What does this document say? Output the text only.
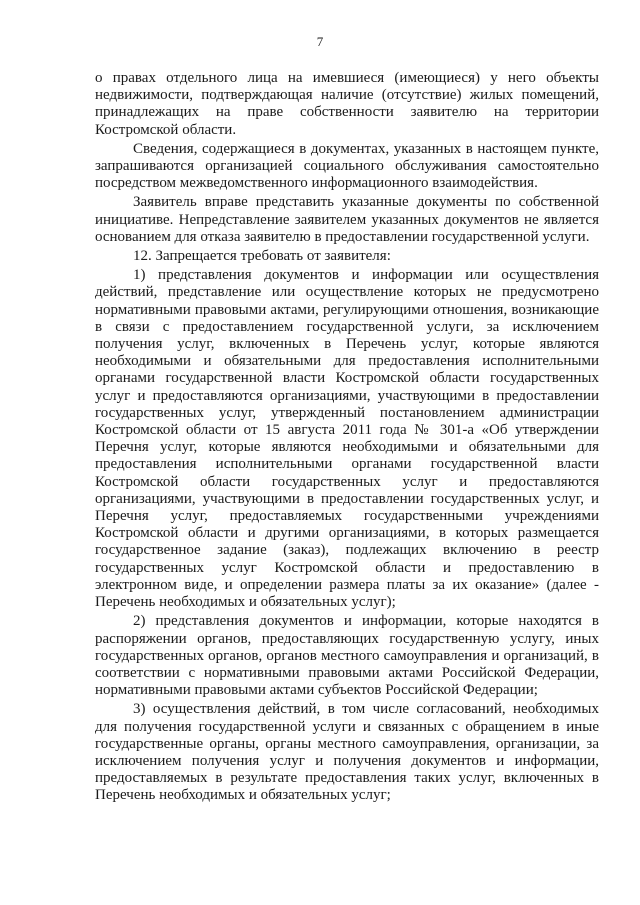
7

о правах отдельного лица на имевшиеся (имеющиеся) у него объекты недвижимости, подтверждающая наличие (отсутствие) жилых помещений, принадлежащих на праве собственности заявителю на территории Костромской области.

Сведения, содержащиеся в документах, указанных в настоящем пункте, запрашиваются организацией социального обслуживания самостоятельно посредством межведомственного информационного взаимодействия.

Заявитель вправе представить указанные документы по собственной инициативе. Непредставление заявителем указанных документов не является основанием для отказа заявителю в предоставлении государственной услуги.

12. Запрещается требовать от заявителя:

1) представления документов и информации или осуществления действий, представление или осуществление которых не предусмотрено нормативными правовыми актами, регулирующими отношения, возникающие в связи с предоставлением государственной услуги, за исключением получения услуг, включенных в Перечень услуг, которые являются необходимыми и обязательными для предоставления исполнительными органами государственной власти Костромской области государственных услуг и предоставляются организациями, участвующими в предоставлении государственных услуг, утвержденный постановлением администрации Костромской области от 15 августа 2011 года № 301-а «Об утверждении Перечня услуг, которые являются необходимыми и обязательными для предоставления исполнительными органами государственной власти Костромской области государственных услуг и предоставляются организациями, участвующими в предоставлении государственных услуг, и Перечня услуг, предоставляемых государственными учреждениями Костромской области и другими организациями, в которых размещается государственное задание (заказ), подлежащих включению в реестр государственных услуг Костромской области и предоставлению в электронном виде, и определении размера платы за их оказание» (далее - Перечень необходимых и обязательных услуг);

2) представления документов и информации, которые находятся в распоряжении органов, предоставляющих государственную услугу, иных государственных органов, органов местного самоуправления и организаций, в соответствии с нормативными правовыми актами Российской Федерации, нормативными правовыми актами субъектов Российской Федерации;

3) осуществления действий, в том числе согласований, необходимых для получения государственной услуги и связанных с обращением в иные государственные органы, органы местного самоуправления, организации, за исключением получения услуг и получения документов и информации, предоставляемых в результате предоставления таких услуг, включенных в Перечень необходимых и обязательных услуг;
